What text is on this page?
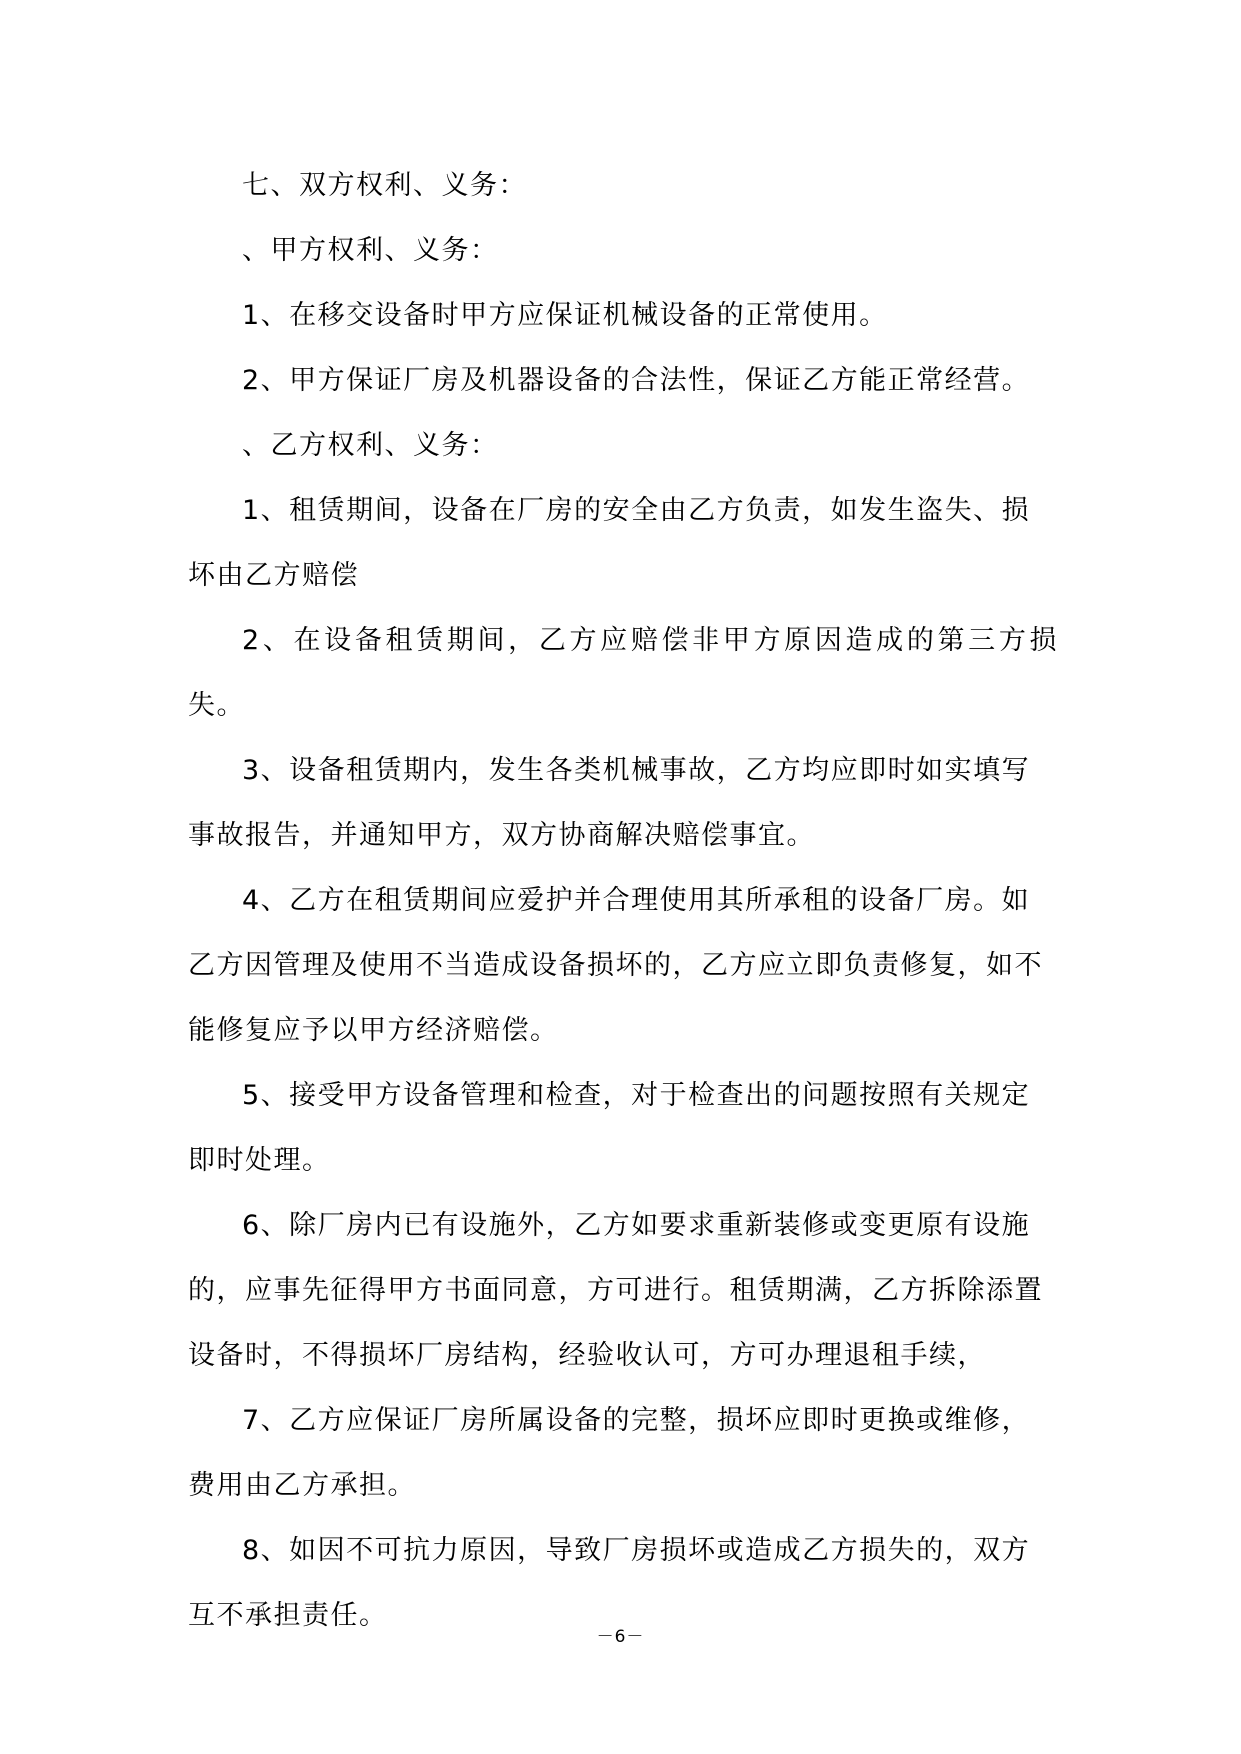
七、双方权利、义务：

、甲方权利、义务：

1、在移交设备时甲方应保证机械设备的正常使用。

2、甲方保证厂房及机器设备的合法性，保证乙方能正常经营。

、乙方权利、义务：

1、租赁期间，设备在厂房的安全由乙方负责，如发生盗失、损
坏由乙方赔偿

2、在设备租赁期间，乙方应赔偿非甲方原因造成的第三方损失。

3、设备租赁期内，发生各类机械事故，乙方均应即时如实填写
事故报告，并通知甲方，双方协商解决赔偿事宜。

4、乙方在租赁期间应爱护并合理使用其所承租的设备厂房。如
乙方因管理及使用不当造成设备损坏的，乙方应立即负责修复，如不
能修复应予以甲方经济赔偿。

5、接受甲方设备管理和检查，对于检查出的问题按照有关规定
即时处理。

6、除厂房内已有设施外，乙方如要求重新装修或变更原有设施
的，应事先征得甲方书面同意，方可进行。租赁期满，乙方拆除添置
设备时，不得损坏厂房结构，经验收认可，方可办理退租手续，

7、乙方应保证厂房所属设备的完整，损坏应即时更换或维修，
费用由乙方承担。

8、如因不可抗力原因，导致厂房损坏或造成乙方损失的，双方
互不承担责任。

－6－
